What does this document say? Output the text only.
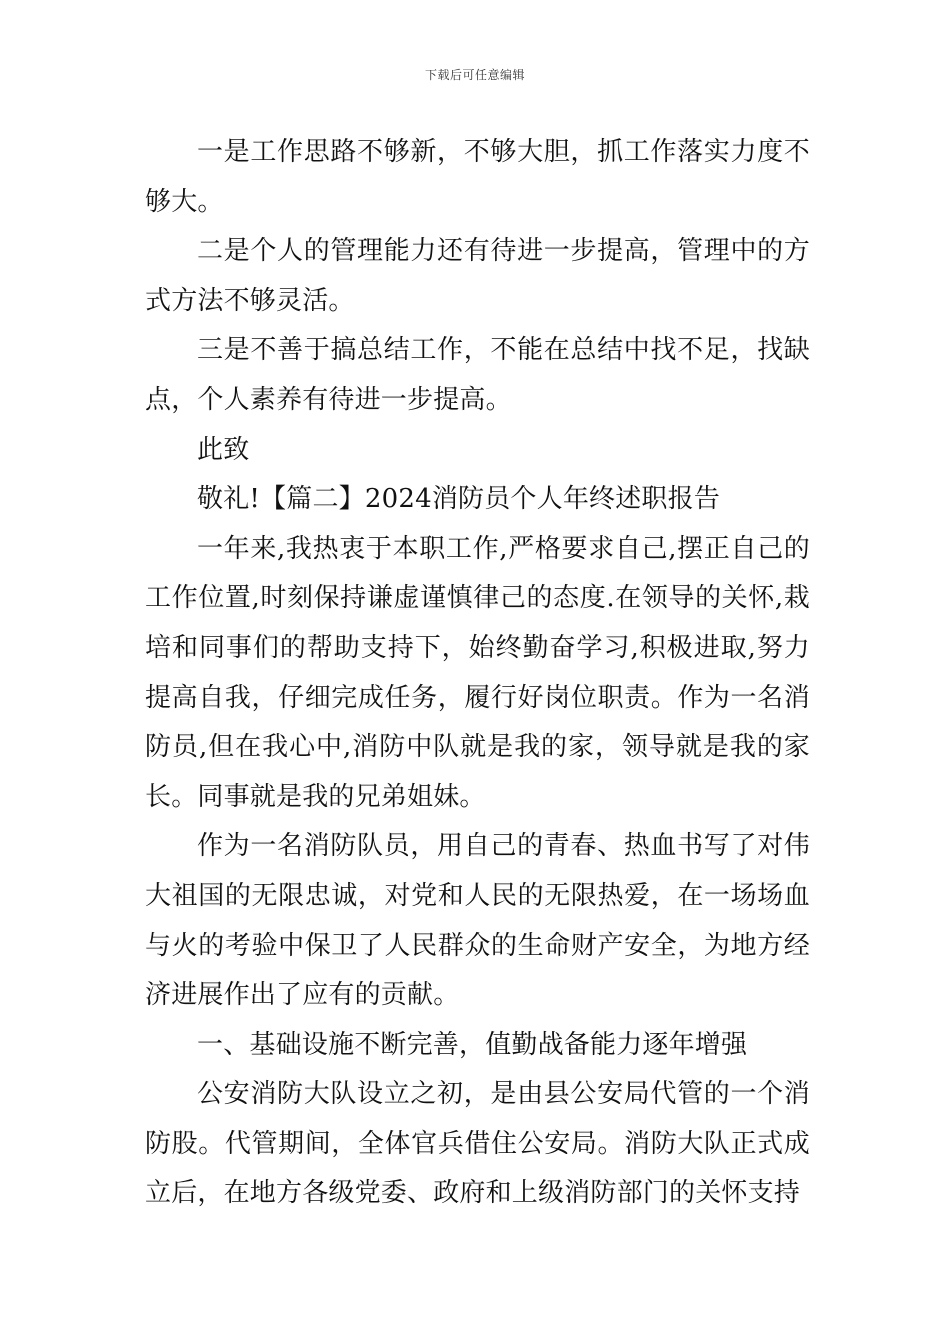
下载后可任意编辑

一是工作思路不够新，不够大胆，抓工作落实力度不够大。

二是个人的管理能力还有待进一步提高，管理中的方式方法不够灵活。

三是不善于搞总结工作，不能在总结中找不足，找缺点，个人素养有待进一步提高。

此致

敬礼!【篇二】2024消防员个人年终述职报告

一年来,我热衷于本职工作,严格要求自己,摆正自己的工作位置,时刻保持谦虚谨慎律己的态度.在领导的关怀,栽培和同事们的帮助支持下，始终勤奋学习,积极进取,努力提高自我，仔细完成任务，履行好岗位职责。作为一名消防员,但在我心中,消防中队就是我的家，领导就是我的家长。同事就是我的兄弟姐妹。

作为一名消防队员，用自己的青春、热血书写了对伟大祖国的无限忠诚，对党和人民的无限热爱，在一场场血与火的考验中保卫了人民群众的生命财产安全，为地方经济进展作出了应有的贡献。

一、基础设施不断完善，值勤战备能力逐年增强

公安消防大队设立之初，是由县公安局代管的一个消防股。代管期间，全体官兵借住公安局。消防大队正式成立后，在地方各级党委、政府和上级消防部门的关怀支持
